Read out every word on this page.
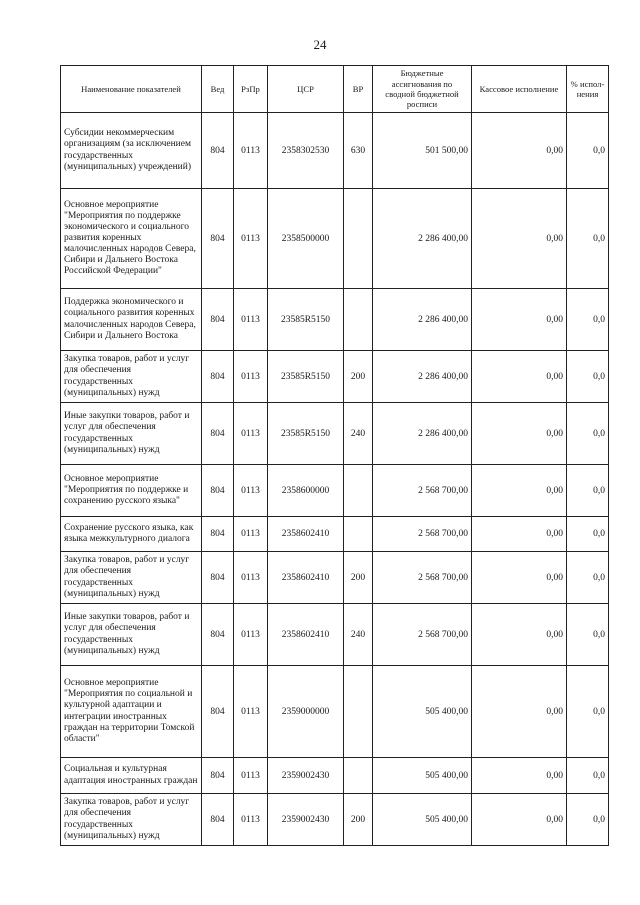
24
Наименование показателей	Вед	РзПр	ЦСР	ВР	Бюджетные ассигнования по сводной бюджетной росписи	Кассовое исполнение	% испол-нения
Субсидии некоммерческим организациям (за исключением государственных (муниципальных) учреждений)	804	0113	2358302530	630	501 500,00	0,00	0,0
Основное мероприятие "Мероприятия по поддержке экономического и социального развития коренных малочисленных народов Севера, Сибири и Дальнего Востока Российской Федерации"	804	0113	2358500000		2 286 400,00	0,00	0,0
Поддержка экономического и социального развития коренных малочисленных народов Севера, Сибири и Дальнего Востока	804	0113	23585R5150		2 286 400,00	0,00	0,0
Закупка товаров, работ и услуг для обеспечения государственных (муниципальных) нужд	804	0113	23585R5150	200	2 286 400,00	0,00	0,0
Иные закупки товаров, работ и услуг для обеспечения государственных (муниципальных) нужд	804	0113	23585R5150	240	2 286 400,00	0,00	0,0
Основное мероприятие "Мероприятия по поддержке и сохранению русского языка"	804	0113	2358600000		2 568 700,00	0,00	0,0
Сохранение русского языка, как языка межкультурного диалога	804	0113	2358602410		2 568 700,00	0,00	0,0
Закупка товаров, работ и услуг для обеспечения государственных (муниципальных) нужд	804	0113	2358602410	200	2 568 700,00	0,00	0,0
Иные закупки товаров, работ и услуг для обеспечения государственных (муниципальных) нужд	804	0113	2358602410	240	2 568 700,00	0,00	0,0
Основное мероприятие "Мероприятия по социальной и культурной адаптации и интеграции иностранных граждан на территории Томской области"	804	0113	2359000000		505 400,00	0,00	0,0
Социальная и культурная адаптация иностранных граждан	804	0113	2359002430		505 400,00	0,00	0,0
Закупка товаров, работ и услуг для обеспечения государственных (муниципальных) нужд	804	0113	2359002430	200	505 400,00	0,00	0,0
